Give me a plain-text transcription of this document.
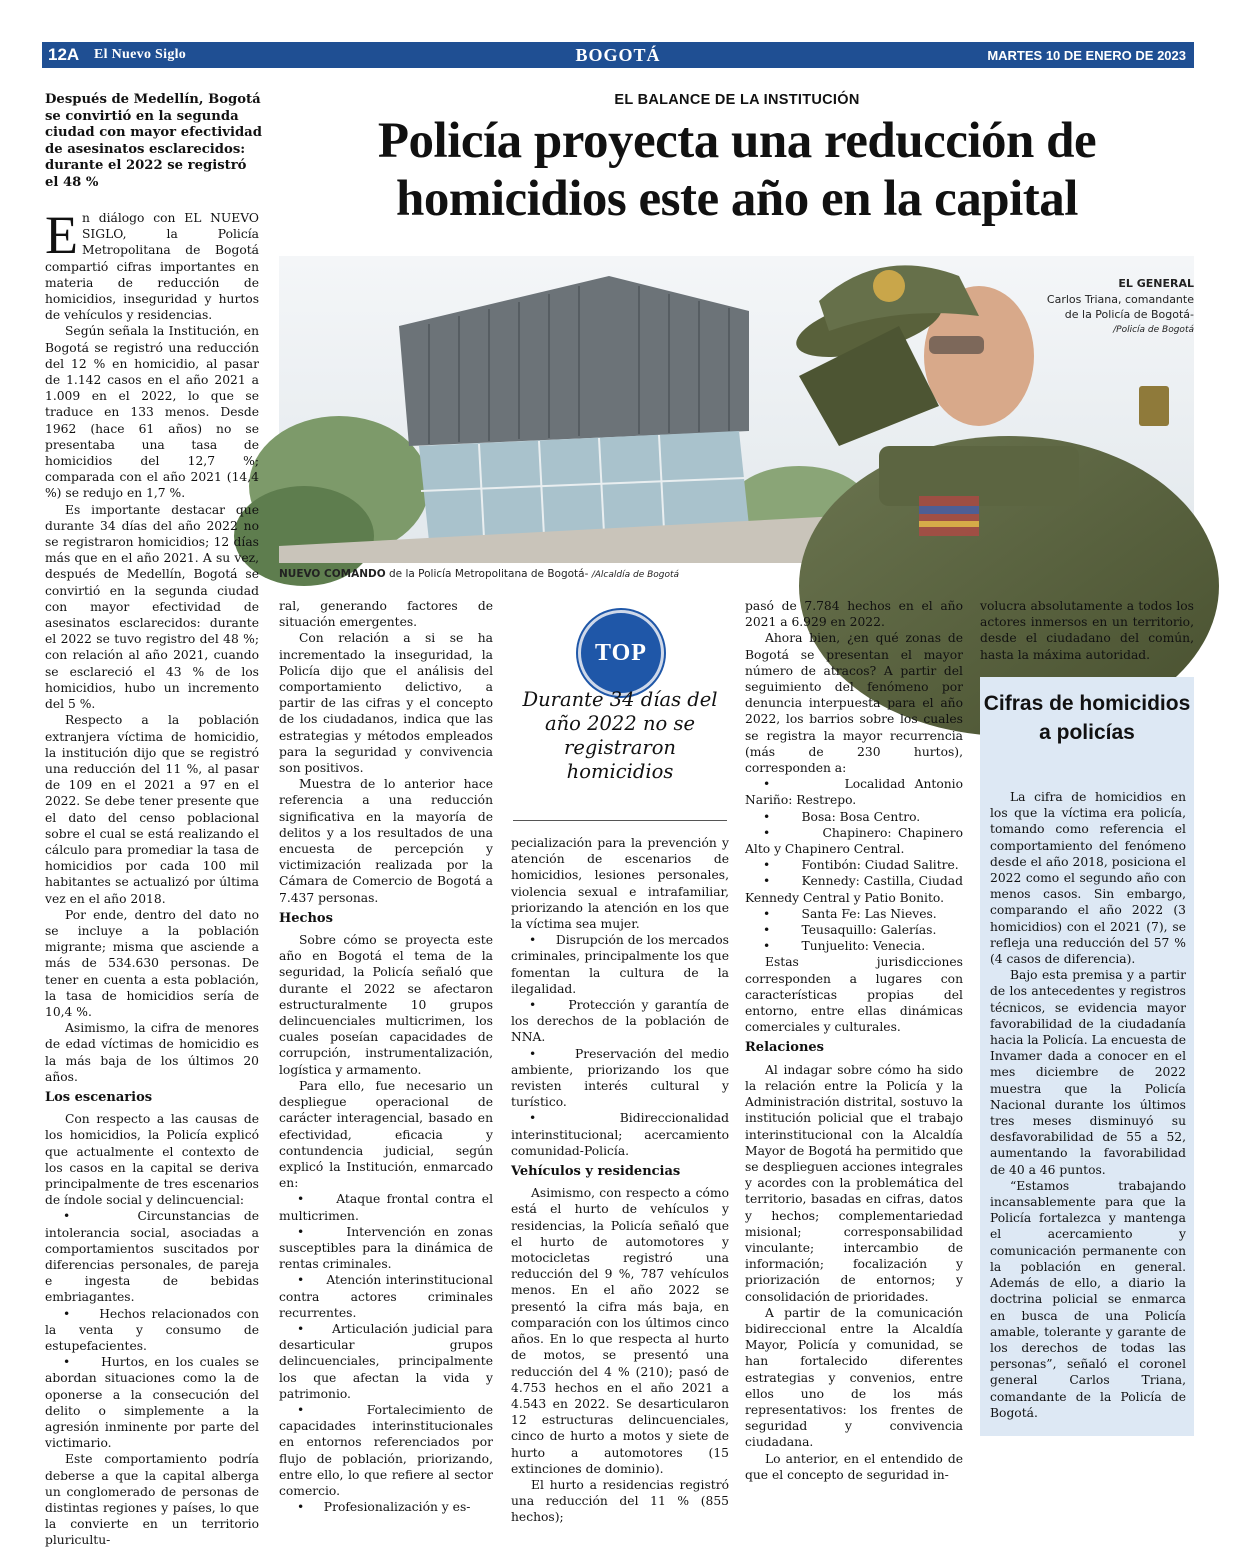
12A El Nuevo Siglo	BOGOTÁ	MARTES 10 DE ENERO DE 2023
Después de Medellín, Bogotá se convirtió en la segunda ciudad con mayor efectividad de asesinatos esclarecidos: durante el 2022 se registró el 48 %
EL BALANCE DE LA INSTITUCIÓN
Policía proyecta una reducción de homicidios este año en la capital
EL GENERAL
Carlos Triana, comandante de la Policía de Bogotá-
/Policía de Bogotá
NUEVO COMANDO de la Policía Metropolitana de Bogotá- /Alcaldía de Bogotá

En diálogo con EL NUEVO SIGLO, la Policía Metropolitana de Bogotá compartió cifras importantes en materia de reducción de homicidios, inseguridad y hurtos de vehículos y residencias.

Según señala la Institución, en Bogotá se registró una reducción del 12 % en homicidio, al pasar de 1.142 casos en el año 2021 a 1.009 en el 2022, lo que se traduce en 133 menos. Desde 1962 (hace 61 años) no se presentaba una tasa de homicidios del 12,7 %; comparada con el año 2021 (14,4 %) se redujo en 1,7 %.

Es importante destacar que durante 34 días del año 2022 no se registraron homicidios; 12 días más que en el año 2021. A su vez, después de Medellín, Bogotá se convirtió en la segunda ciudad con mayor efectividad de asesinatos esclarecidos: durante el 2022 se tuvo registro del 48 %; con relación al año 2021, cuando se esclareció el 43 % de los homicidios, hubo un incremento del 5 %.

Respecto a la población extranjera víctima de homicidio, la institución dijo que se registró una reducción del 11 %, al pasar de 109 en el 2021 a 97 en el 2022. Se debe tener presente que el dato del censo poblacional sobre el cual se está realizando el cálculo para promediar la tasa de homicidios por cada 100 mil habitantes se actualizó por última vez en el año 2018.

Por ende, dentro del dato no se incluye a la población migrante; misma que asciende a más de 534.630 personas. De tener en cuenta a esta población, la tasa de homicidios sería de 10,4 %.

Asimismo, la cifra de menores de edad víctimas de homicidio es la más baja de los últimos 20 años.

Los escenarios

Con respecto a las causas de los homicidios, la Policía explicó que actualmente el contexto de los casos en la capital se deriva principalmente de tres escenarios de índole social y delincuencial:

•     Circunstancias de intolerancia social, asociadas a comportamientos suscitados por diferencias personales, de pareja e ingesta de bebidas embriagantes.

•     Hechos relacionados con la venta y consumo de estupefacientes.

•     Hurtos, en los cuales se abordan situaciones como la de oponerse a la consecución del delito o simplemente a la agresión inminente por parte del victimario.

Este comportamiento podría deberse a que la capital alberga un conglomerado de personas de distintas regiones y países, lo que la convierte en un territorio pluricultu-

ral, generando factores de situación emergentes.

Con relación a si se ha incrementado la inseguridad, la Policía dijo que el análisis del comportamiento delictivo, a partir de las cifras y el concepto de los ciudadanos, indica que las estrategias y métodos empleados para la seguridad y convivencia son positivos.

Muestra de lo anterior hace referencia a una reducción significativa en la mayoría de delitos y a los resultados de una encuesta de percepción y victimización realizada por la Cámara de Comercio de Bogotá a 7.437 personas.

Hechos

Sobre cómo se proyecta este año en Bogotá el tema de la seguridad, la Policía señaló que durante el 2022 se afectaron estructuralmente 10 grupos delincuenciales multicrimen, los cuales poseían capacidades de corrupción, instrumentalización, logística y armamento.

Para ello, fue necesario un despliegue operacional de carácter interagencial, basado en efectividad, eficacia y contundencia judicial, según explicó la Institución, enmarcado en:

•     Ataque frontal contra el multicrimen.

•     Intervención en zonas susceptibles para la dinámica de rentas criminales.

•     Atención interinstitucional contra actores criminales recurrentes.

•     Articulación judicial para desarticular grupos delincuenciales, principalmente los que afectan la vida y patrimonio.

•     Fortalecimiento de capacidades interinstitucionales en entornos referenciados por flujo de población, priorizando, entre ello, lo que refiere al sector comercio.

•     Profesionalización y es-

TOP
Durante 34 días del año 2022 no se registraron homicidios

pecialización para la prevención y atención de escenarios de homicidios, lesiones personales, violencia sexual e intrafamiliar, priorizando la atención en los que la víctima sea mujer.

•     Disrupción de los mercados criminales, principalmente los que fomentan la cultura de la ilegalidad.

•     Protección y garantía de los derechos de la población de NNA.

•     Preservación del medio ambiente, priorizando los que revisten interés cultural y turístico.

•     Bidireccionalidad interinstitucional; acercamiento comunidad-Policía.

Vehículos y residencias

Asimismo, con respecto a cómo está el hurto de vehículos y residencias, la Policía señaló que el hurto de automotores y motocicletas registró una reducción del 9 %, 787 vehículos menos. En el año 2022 se presentó la cifra más baja, en comparación con los últimos cinco años. En lo que respecta al hurto de motos, se presentó una reducción del 4 % (210); pasó de 4.753 hechos en el año 2021 a 4.543 en 2022. Se desarticularon 12 estructuras delincuenciales, cinco de hurto a motos y siete de hurto a automotores (15 extinciones de dominio).

El hurto a residencias registró una reducción del 11 % (855 hechos);

pasó de 7.784 hechos en el año 2021 a 6.929 en 2022.

Ahora bien, ¿en qué zonas de Bogotá se presentan el mayor número de atracos? A partir del seguimiento del fenómeno por denuncia interpuesta para el año 2022, los barrios sobre los cuales se registra la mayor recurrencia (más de 230 hurtos), corresponden a:

•        Localidad Antonio Nariño: Restrepo.

•        Bosa: Bosa Centro.

•        Chapinero: Chapinero Alto y Chapinero Central.

•        Fontibón: Ciudad Salitre.

•        Kennedy: Castilla, Ciudad Kennedy Central y Patio Bonito.

•        Santa Fe: Las Nieves.

•        Teusaquillo: Galerías.

•        Tunjuelito: Venecia.

Estas jurisdicciones corresponden a lugares con características propias del entorno, entre ellas dinámicas comerciales y culturales.

Relaciones

Al indagar sobre cómo ha sido la relación entre la Policía y la Administración distrital, sostuvo la institución policial que el trabajo interinstitucional con la Alcaldía Mayor de Bogotá ha permitido que se desplieguen acciones integrales y acordes con la problemática del territorio, basadas en cifras, datos y hechos; complementariedad misional; corresponsabilidad vinculante; intercambio de información; focalización y priorización de entornos; y consolidación de prioridades.

A partir de la comunicación bidireccional entre la Alcaldía Mayor, Policía y comunidad, se han fortalecido diferentes estrategias y convenios, entre ellos uno de los más representativos: los frentes de seguridad y convivencia ciudadana.

Lo anterior, en el entendido de que el concepto de seguridad in-

volucra absolutamente a todos los actores inmersos en un territorio, desde el ciudadano del común, hasta la máxima autoridad.

Cifras de homicidios a policías

La cifra de homicidios en los que la víctima era policía, tomando como referencia el comportamiento del fenómeno desde el año 2018, posiciona el 2022 como el segundo año con menos casos. Sin embargo, comparando el año 2022 (3 homicidios) con el 2021 (7), se refleja una reducción del 57 % (4 casos de diferencia).

Bajo esta premisa y a partir de los antecedentes y registros técnicos, se evidencia mayor favorabilidad de la ciudadanía hacia la Policía. La encuesta de Invamer dada a conocer en el mes diciembre de 2022 muestra que la Policía Nacional durante los últimos tres meses disminuyó su desfavorabilidad de 55 a 52, aumentando la favorabilidad de 40 a 46 puntos.

“Estamos trabajando incansablemente para que la Policía fortalezca y mantenga el acercamiento y comunicación permanente con la población en general. Además de ello, a diario la doctrina policial se enmarca en busca de una Policía amable, tolerante y garante de los derechos de todas las personas”, señaló el coronel general Carlos Triana, comandante de la Policía de Bogotá.
